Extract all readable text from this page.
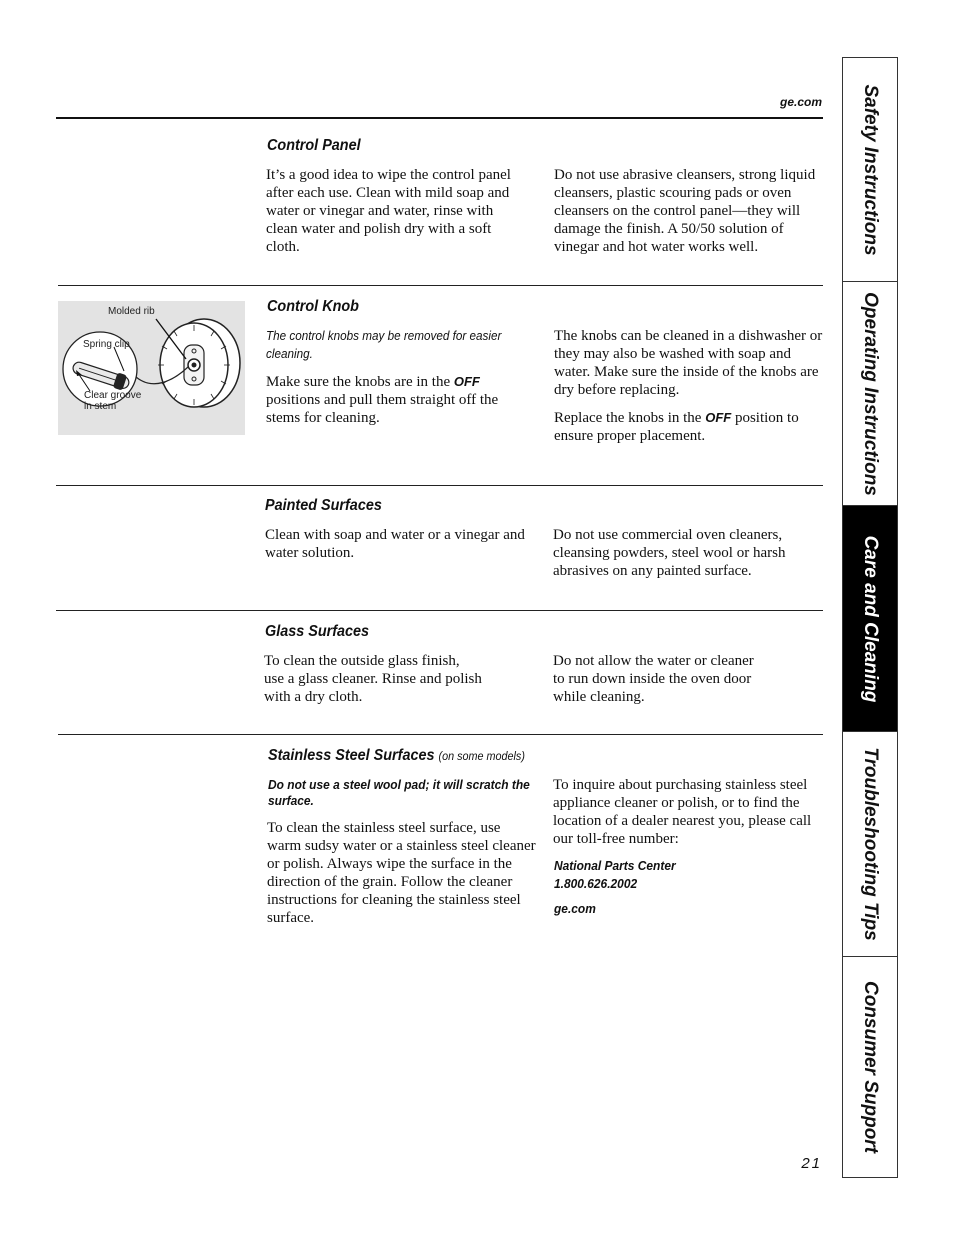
ge.com
Control Panel

It’s a good idea to wipe the control panel after each use. Clean with mild soap and water or vinegar and water, rinse with clean water and polish dry with a soft cloth.

Do not use abrasive cleansers, strong liquid cleansers, plastic scouring pads or oven cleansers on the control panel—they will damage the finish. A 50/50 solution of vinegar and hot water works well.

Molded rib
Spring clip
Clear groove
in stem
Control Knob
The control knobs may be removed for easier cleaning.

Make sure the knobs are in the OFF positions and pull them straight off the stems for cleaning.

The knobs can be cleaned in a dishwasher or they may also be washed with soap and water. Make sure the inside of the knobs are dry before replacing.

Replace the knobs in the OFF position to ensure proper placement.

Painted Surfaces

Clean with soap and water or a vinegar and water solution.

Do not use commercial oven cleaners, cleansing powders, steel wool or harsh abrasives on any painted surface.

Glass Surfaces
To clean the outside glass finish,
use a glass cleaner. Rinse and polish
with a dry cloth.
Do not allow the water or cleaner
to run down inside the oven door
while cleaning.
Stainless Steel Surfaces (on some models)
Do not use a steel wool pad; it will scratch the surface.

To clean the stainless steel surface, use warm sudsy water or a stainless steel cleaner or polish. Always wipe the surface in the direction of the grain. Follow the cleaner instructions for cleaning the stainless steel surface.

To inquire about purchasing stainless steel appliance cleaner or polish, or to find the location of a dealer nearest you, please call our toll-free number:

National Parts Center
1.800.626.2002
ge.com
Safety Instructions
Operating Instructions
Care and Cleaning
Troubleshooting Tips
Consumer Support
21
